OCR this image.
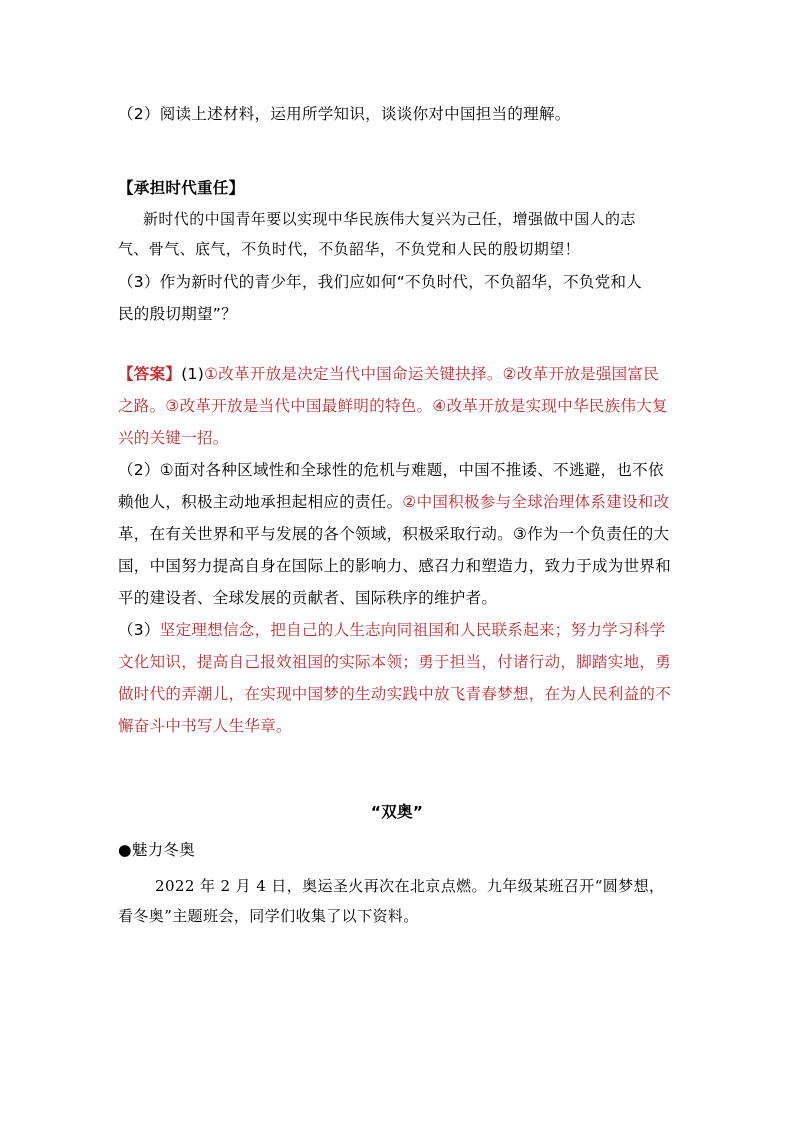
（2）阅读上述材料，运用所学知识，谈谈你对中国担当的理解。
【承担时代重任】
新时代的中国青年要以实现中华民族伟大复兴为己任，增强做中国人的志
气、骨气、底气，不负时代，不负韶华，不负党和人民的殷切期望！
（3）作为新时代的青少年，我们应如何“不负时代，不负韶华，不负党和人
民的殷切期望”？
【答案】(1)①改革开放是决定当代中国命运关键抉择。②改革开放是强国富民
之路。③改革开放是当代中国最鲜明的特色。④改革开放是实现中华民族伟大复
兴的关键一招。
（2）①面对各种区域性和全球性的危机与难题，中国不推诿、不逃避，也不依
赖他人，积极主动地承担起相应的责任。②中国积极参与全球治理体系建设和改
革，在有关世界和平与发展的各个领域，积极采取行动。③作为一个负责任的大
国，中国努力提高自身在国际上的影响力、感召力和塑造力，致力于成为世界和
平的建设者、全球发展的贡献者、国际秩序的维护者。
（3）坚定理想信念，把自己的人生志向同祖国和人民联系起来；努力学习科学
文化知识，提高自己报效祖国的实际本领；勇于担当，付诸行动，脚踏实地，勇
做时代的弄潮儿，在实现中国梦的生动实践中放飞青春梦想，在为人民利益的不
懈奋斗中书写人生华章。
“双奥”
●魅力冬奥
2022 年 2 月 4 日，奥运圣火再次在北京点燃。九年级某班召开“圆梦想，
看冬奥”主题班会，同学们收集了以下资料。
